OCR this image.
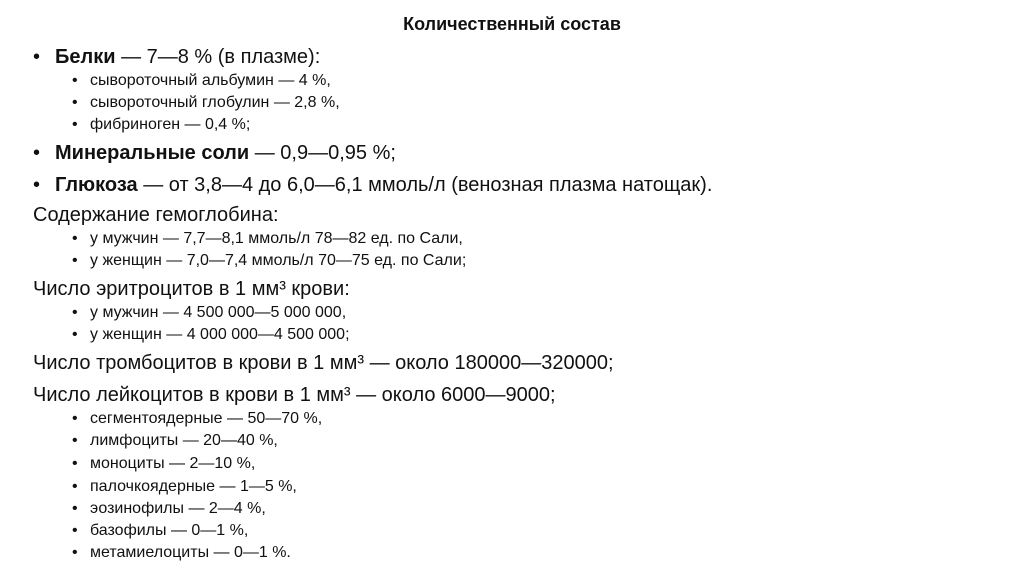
Количественный состав
• Белки — 7—8 % (в плазме):
• сывороточный альбумин — 4 %,
• сывороточный глобулин — 2,8 %,
• фибриноген — 0,4 %;
• Минеральные соли — 0,9—0,95 %;
• Глюкоза — от 3,8—4 до 6,0—6,1 ммоль/л (венозная плазма натощак).
Содержание гемоглобина:
• у мужчин — 7,7—8,1 ммоль/л 78—82 ед. по Сали,
• у женщин — 7,0—7,4 ммоль/л 70—75 ед. по Сали;
Число эритроцитов в 1 мм³ крови:
• у мужчин — 4 500 000—5 000 000,
• у женщин — 4 000 000—4 500 000;
Число тромбоцитов в крови в 1 мм³ — около 180000—320000;
Число лейкоцитов в крови в 1 мм³ — около 6000—9000;
• сегментоядерные — 50—70 %,
• лимфоциты — 20—40 %,
• моноциты — 2—10 %,
• палочкоядерные — 1—5 %,
• эозинофилы — 2—4 %,
• базофилы — 0—1 %,
• метамиелоциты — 0—1 %.
